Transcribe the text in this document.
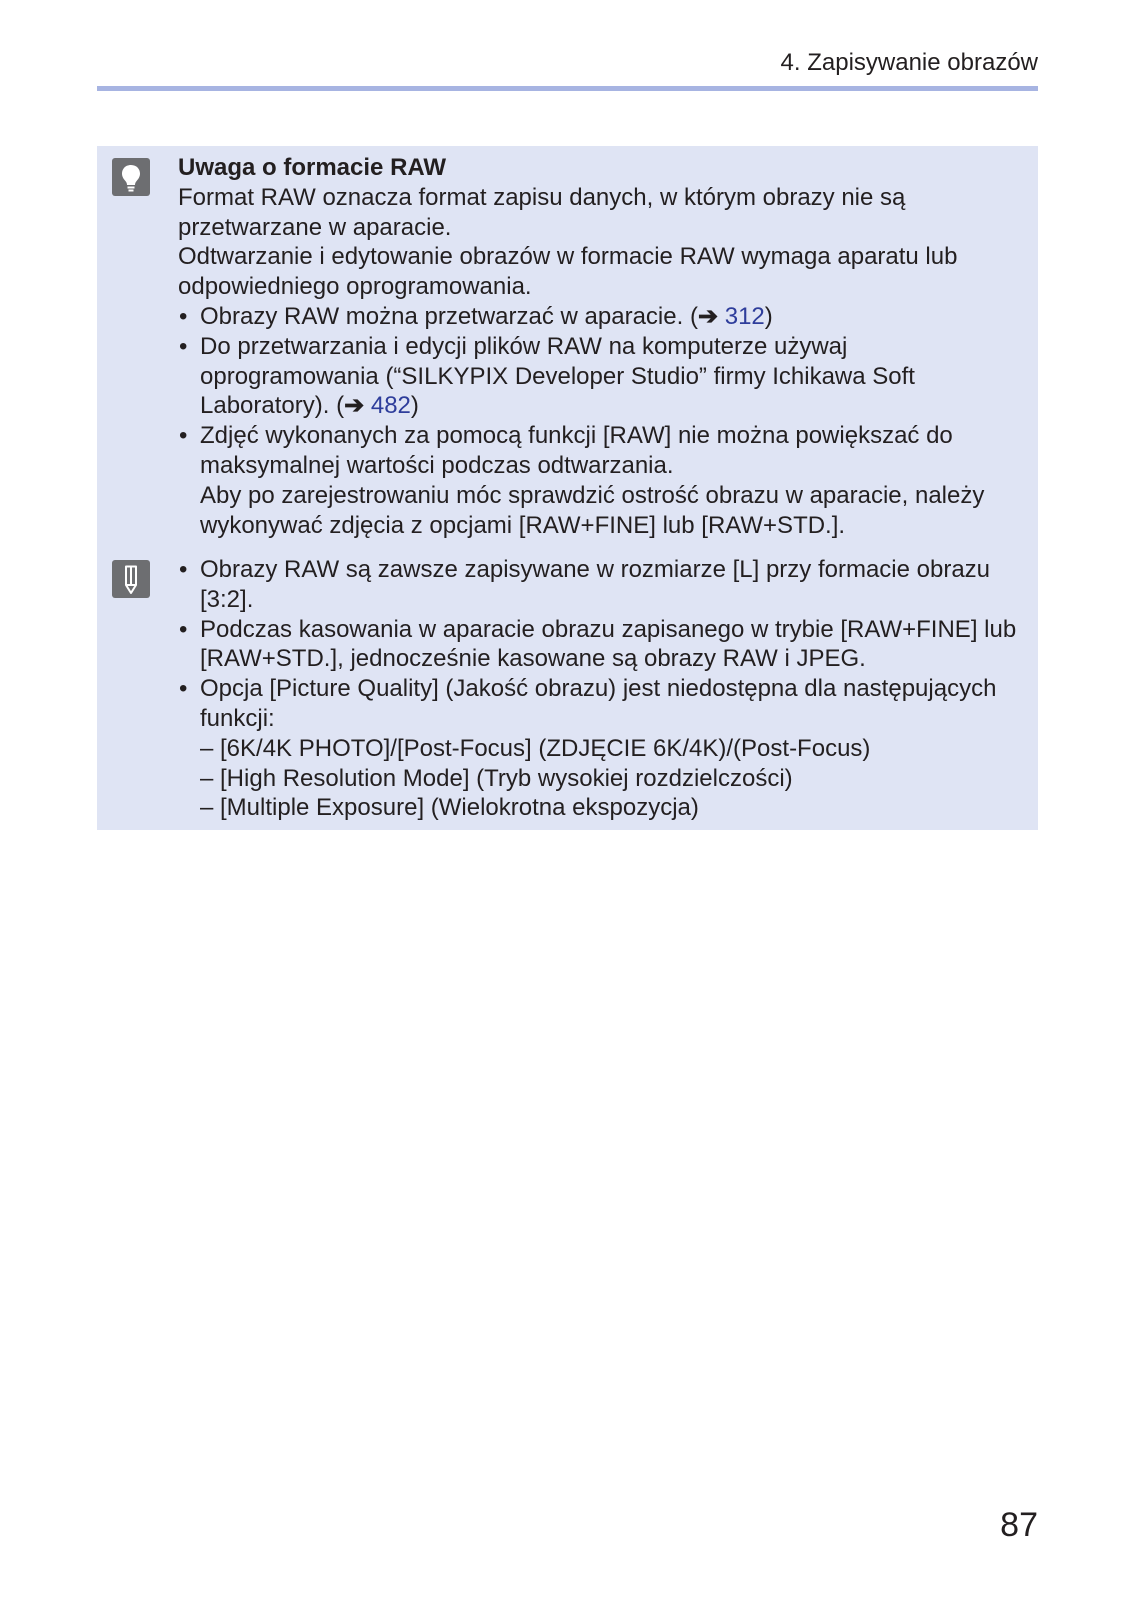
4. Zapisywanie obrazów
Uwaga o formacie RAW

Format RAW oznacza format zapisu danych, w którym obrazy nie są przetwarzane w aparacie.

Odtwarzanie i edytowanie obrazów w formacie RAW wymaga aparatu lub odpowiedniego oprogramowania.

• Obrazy RAW można przetwarzać w aparacie. (➔ 312)
• Do przetwarzania i edycji plików RAW na komputerze używaj oprogramowania (“SILKYPIX Developer Studio” firmy Ichikawa Soft Laboratory). (➔ 482)
• Zdjęć wykonanych za pomocą funkcji [RAW] nie można powiększać do maksymalnej wartości podczas odtwarzania.
Aby po zarejestrowaniu móc sprawdzić ostrość obrazu w aparacie, należy wykonywać zdjęcia z opcjami [RAW+FINE] lub [RAW+STD.].
• Obrazy RAW są zawsze zapisywane w rozmiarze [L] przy formacie obrazu [3:2].
• Podczas kasowania w aparacie obrazu zapisanego w trybie [RAW+FINE] lub [RAW+STD.], jednocześnie kasowane są obrazy RAW i JPEG.
• Opcja [Picture Quality] (Jakość obrazu) jest niedostępna dla następujących funkcji:
– [6K/4K PHOTO]/[Post-Focus] (ZDJĘCIE 6K/4K)/(Post-Focus)
– [High Resolution Mode] (Tryb wysokiej rozdzielczości)
– [Multiple Exposure] (Wielokrotna ekspozycja)
87
